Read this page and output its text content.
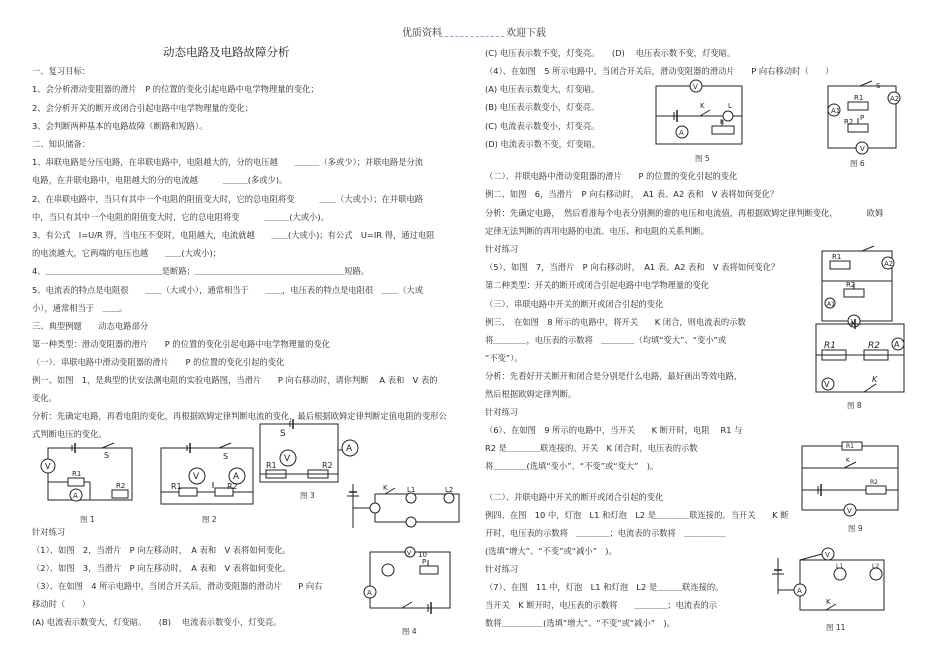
优质资料	欢迎下载
动态电路及电路故障分析
一、复习目标：
1、会分析滑动变阻器的滑片　P 的位置的变化引起电路中电学物理量的变化；
2、会分析开关的断开或闭合引起电路中电学物理量的变化；
3、会判断两种基本的电路故障（断路和短路）。
二、知识储备：
1、串联电路是分压电路，在串联电路中，电阻越大的，分的电压越　　＿＿＿（多或少）；并联电路是分流
电路，在并联电路中，电阻越大的分的电流越　　　＿＿＿(多或少)。
2、在串联电路中，当只有其中一个电阻的阻值变大时，它的总电阻将变　　　＿＿（大或小）；在并联电路
中，当只有其中一个电阻的阻值变大时，它的总电阻将变　　　＿＿＿(大或小)。
3、有公式　I=U/R 得，当电压不变时，电阻越大，电流就越　　＿＿(大或小)；有公式　U=IR 得，通过电阻
的电流越大，它两端的电压也越　　＿＿(大或小)；
4、＿＿＿＿＿＿＿＿＿＿＿＿＿＿是断路；＿＿＿＿＿＿＿＿＿＿＿＿＿＿＿＿＿＿短路。
5、电流表的特点是电阻很　　＿＿（大或小），通常相当于　　＿＿，电压表的特点是电阻很　＿＿（大或
小），通常相当于　＿＿。
三、典型例题　　动态电路部分
第一种类型：滑动变阻器的滑片　　P 的位置的变化引起电路中电学物理量的变化
（一）．串联电路中滑动变阻器的滑片　　P 的位置的变化引起的变化
例一、如图　1，是典型的伏安法测电阻的实验电路图，当滑片　　P 向右移动时，请你判断　 A 表和　V 表的
变化。
分析：先确定电路，再看电阻的变化，再根据欧姆定律判断电流的变化，最后根据欧姆定律判断定值电阻的变形公
式判断电压的变化。
针对练习
（1）、如图　2，当滑片　P 向左移动时，　A 表和　V 表将如何变化。
（2）、如图　3，当滑片　P 向左移动时，　A 表和　V 表将如何变化。
（3）、在如图　4 所示电路中，当闭合开关后，滑动变阻器的滑动片　　P 向右
移动时（　　）
(A) 电流表示数变大，灯变暗。　　(B)　 电流表示数变小，灯变亮。
(C) 电压表示数不变，灯变亮。　　(D)　 电压表示数不变，灯变暗。
（4）、在如图　5 所示电路中，当闭合开关后，滑动变阻器的滑动片　　P 向右移动时（　　）
(A) 电压表示数变大，灯变暗。
(B) 电压表示数变小，灯变亮。
(C) 电流表示数变小，灯变亮。
(D) 电流表示数不变，灯变暗。
（二）、并联电路中滑动变阻器的滑片　　P 的位置的变化引起的变化
例二、如图　6，当滑片　P 向右移动时，　A1 表、A2 表和　V 表将如何变化？
分析：先确定电路，　然后看准每个电表分别测的谁的电压和电流值，再根据欧姆定律判断变化，　　　　欧姆
定律无法判断的再用电路的电流、电压、和电阻的关系判断。
针对练习
（5）、如图　7，当滑片　P 向右移动时，　A1 表、A2 表和　V 表将如何变化？
第二种类型：开关的断开或闭合引起电路中电学物理量的变化
（三）、串联电路中开关的断开或闭合引起的变化
例三、　在如图　8 所示的电路中，将开关　　K 闭合，则电流表的示数
将＿＿＿＿，电压表的示数将　＿＿＿＿（均填“变大”、“变小”或
“不变”）。
分析：先看好开关断开和闭合是分别是什么电路，最好画出等效电路，
然后根据欧姆定律判断。
针对练习
（6）、在如图　9 所示的电路中，当开关　　K 断开时，电阻　 R1 与
R2 是＿＿＿＿联连接的。开关　K 闭合时，电压表的示数
将＿＿＿＿(选填“变小”、“不变”或“变大”　)。
（二）、并联电路中开关的断开或闭合引起的变化
例四、在图　10 中，灯泡　L1 和灯泡　L2 是＿＿＿＿联连接的。当开关　　K 断
开时，电压表的示数将　＿＿＿＿；电流表的示数将　＿＿＿＿＿
(选填“增大”、“不变”或“减小”　)。
针对练习
（7）、在图　11 中，灯泡　L1 和灯泡　L2 是＿＿＿联连接的。
当开关　K 断开时，电压表的示数将　　＿＿＿＿；电流表的示
数将＿＿＿＿＿(选填“增大”、“不变”或“减小”　)。
V
A
S
R1
R2
图 1
V	A
S
R1	R2
图 2
A
V
S
R1	R2
图 3
K	L1	L2
V
A
P
10
图 4
V
A
K	L
R
图 5
A1
A2
V
R1
R2 P
S
图 6
A2
A1
V
R1
R2
R1	R2 A
V
K
图 8
V
R1
R2
K
图 9
V
A
L1	L2
K
图 11
